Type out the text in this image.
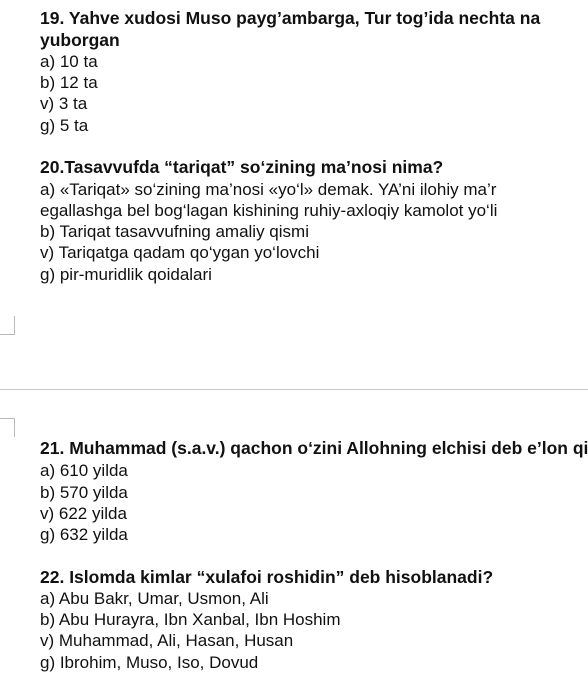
19. Yahve xudosi Muso payg’ambarga, Tur tog’ida nechta na
yuborgan
a) 10 ta
b) 12 ta
v) 3 ta
g) 5 ta
20.Tasavvufda “tariqat” so‘zining ma’nosi nima?
a) «Tariqat» so‘zining ma’nosi «yo‘l» demak. YA’ni ilohiy ma’r
egallashga bel bog‘lagan kishining ruhiy-axloqiy kamolot yo‘li
b) Tariqat tasavvufning amaliy qismi
v) Tariqatga qadam qo‘ygan yo‘lovchi
g) pir-muridlik qoidalari
21. Muhammad (s.a.v.) qachon o‘zini Allohning elchisi deb e’lon qi
a) 610 yilda
b) 570 yilda
v) 622 yilda
g) 632 yilda
22. Islomda kimlar “xulafoi roshidin” deb hisoblanadi?
a) Abu Bakr, Umar, Usmon, Ali
b) Abu Hurayra, Ibn Xanbal, Ibn Hoshim
v) Muhammad, Ali, Hasan, Husan
g) Ibrohim, Muso, Iso, Dovud
